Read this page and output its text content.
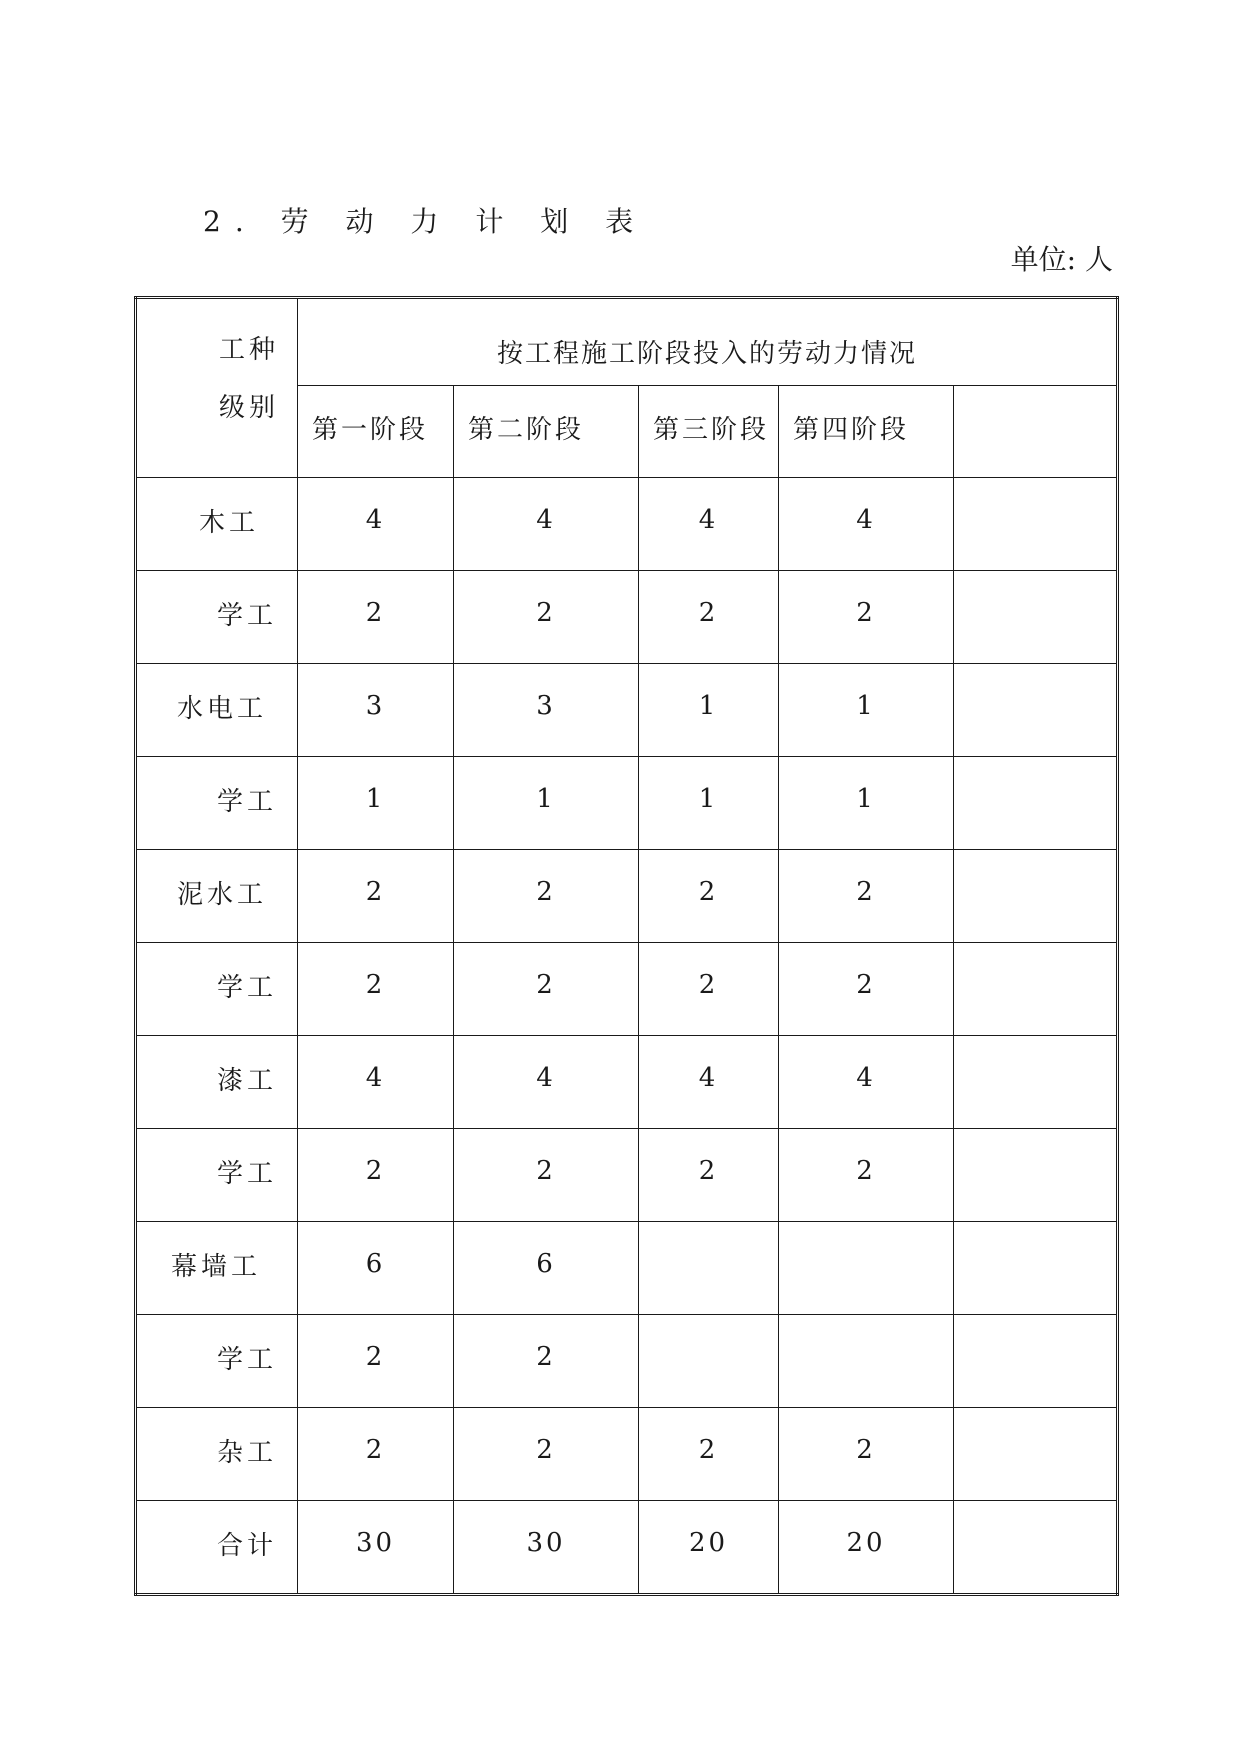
2. 劳 动 力 计 划 表
单位: 人
工种
级别	按工程施工阶段投入的劳动力情况				
	第一阶段	第二阶段	第三阶段	第四阶段	
木工	4	4	4	4	
学工	2	2	2	2	
水电工	3	3	1	1	
学工	1	1	1	1	
泥水工	2	2	2	2	
学工	2	2	2	2	
漆工	4	4	4	4	
学工	2	2	2	2	
幕墙工	6	6			
学工	2	2			
杂工	2	2	2	2	
合计	30	30	20	20	
